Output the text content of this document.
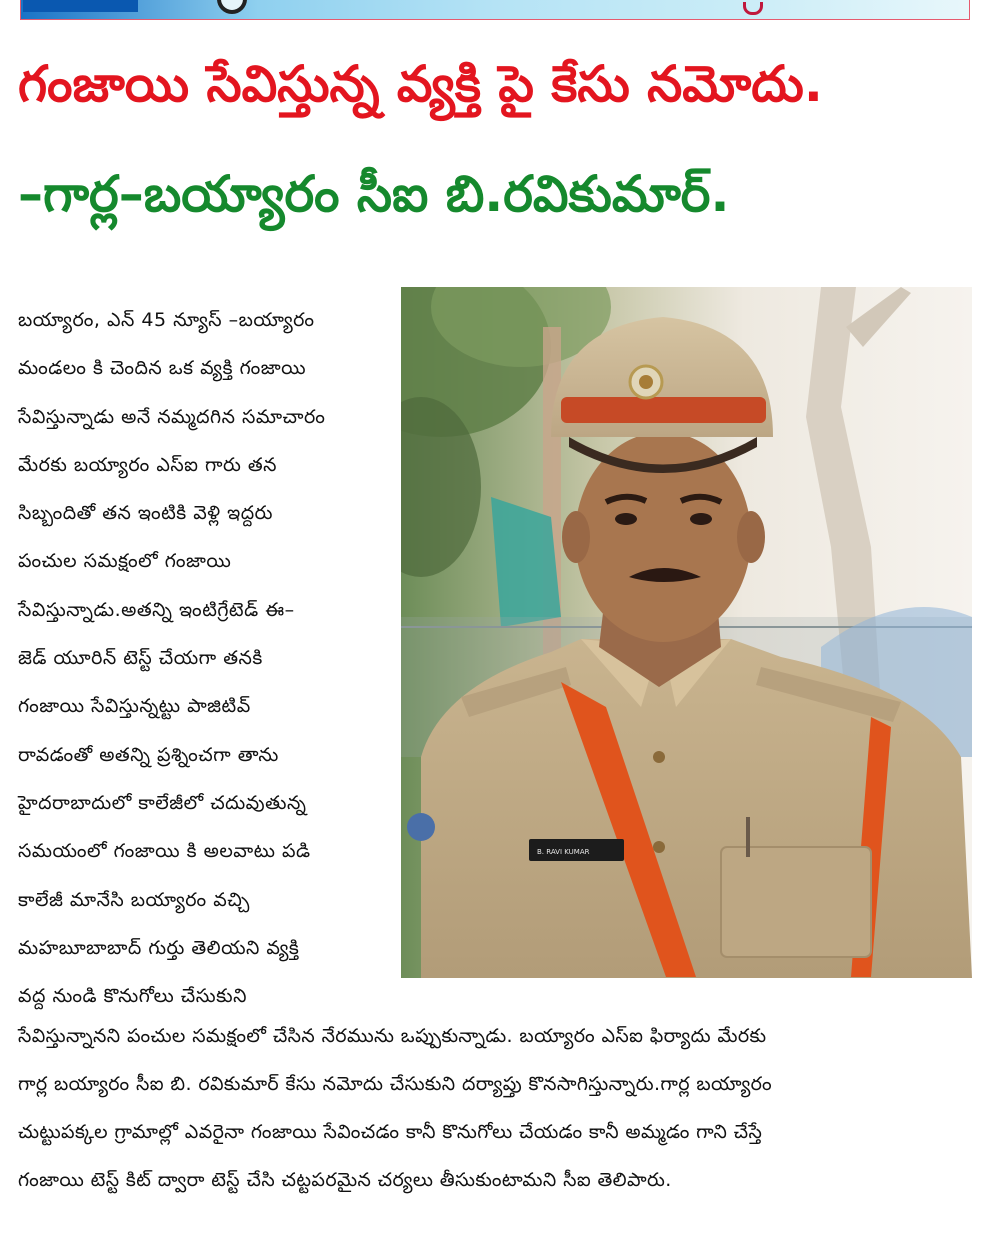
గంజాయి సేవిస్తున్న వ్యక్తి పై కేసు నమోదు.
–గార్ల–బయ్యారం సీఐ బి.రవికుమార్.
బయ్యారం, ఎన్ 45 న్యూస్ –బయ్యారం
మండలం కి చెందిన ఒక వ్యక్తి గంజాయి
సేవిస్తున్నాడు అనే నమ్మదగిన సమాచారం
మేరకు బయ్యారం ఎస్ఐ గారు తన
సిబ్బందితో తన ఇంటికి వెళ్లి ఇద్దరు
పంచుల సమక్షంలో గంజాయి
సేవిస్తున్నాడు.అతన్ని ఇంటిగ్రేటెడ్ ఈ–
జెడ్ యూరిన్ టెస్ట్ చేయగా తనకి
గంజాయి సేవిస్తున్నట్టు పాజిటివ్
రావడంతో అతన్ని ప్రశ్నించగా తాను
హైదరాబాదులో కాలేజీలో చదువుతున్న
సమయంలో గంజాయి కి అలవాటు పడి
కాలేజీ మానేసి బయ్యారం వచ్చి
మహబూబాబాద్ గుర్తు తెలియని వ్యక్తి
వద్ద నుండి కొనుగోలు చేసుకుని
B. RAVI KUMAR
సేవిస్తున్నానని పంచుల సమక్షంలో చేసిన నేరమును ఒప్పుకున్నాడు. బయ్యారం ఎస్ఐ ఫిర్యాదు మేరకు
గార్ల బయ్యారం సీఐ బి. రవికుమార్ కేసు నమోదు చేసుకుని దర్యాప్తు కొనసాగిస్తున్నారు.గార్ల బయ్యారం
చుట్టుపక్కల గ్రామాల్లో ఎవరైనా గంజాయి సేవించడం కానీ కొనుగోలు చేయడం కానీ అమ్మడం గాని చేస్తే
గంజాయి టెస్ట్ కిట్ ద్వారా టెస్ట్ చేసి చట్టపరమైన చర్యలు తీసుకుంటామని సీఐ తెలిపారు.
